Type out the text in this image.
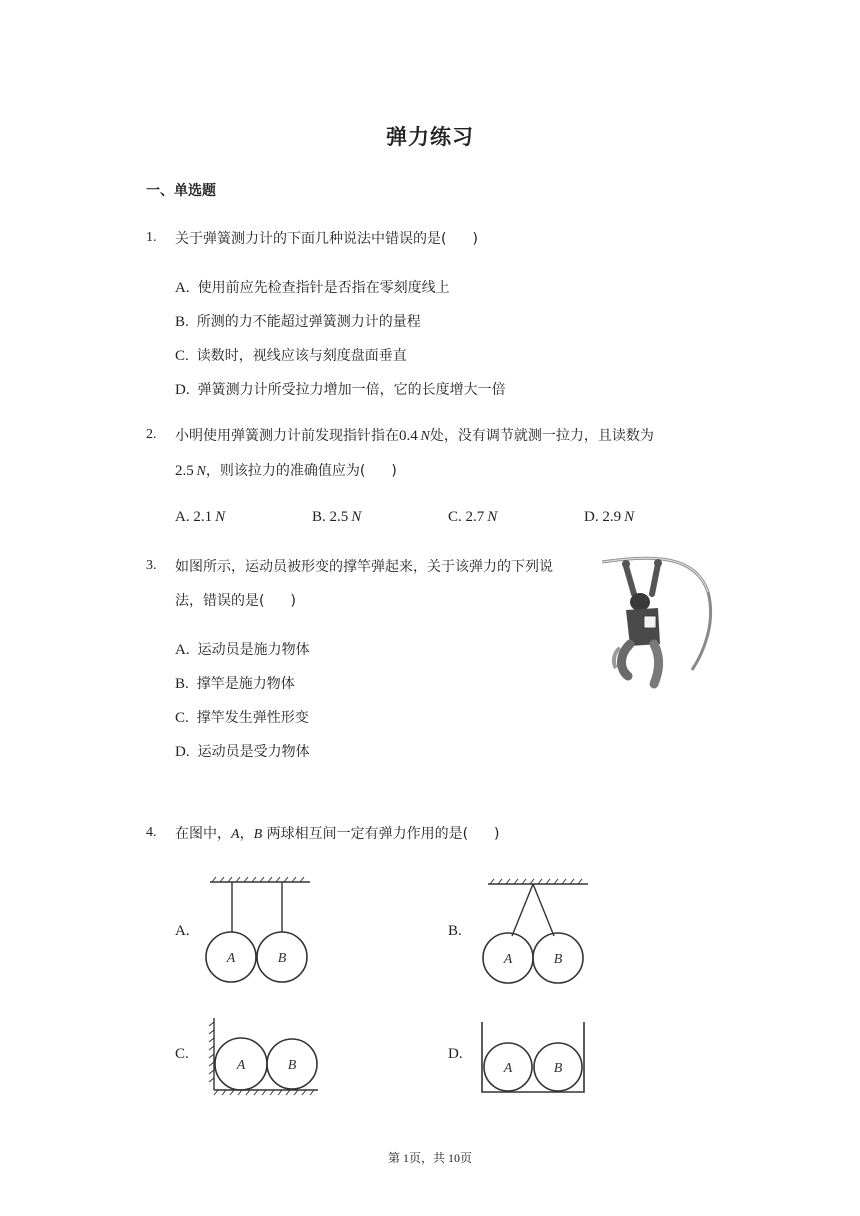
弹力练习
一、单选题
1. 关于弹簧测力计的下面几种说法中错误的是( )
A. 使用前应先检查指针是否指在零刻度线上
B. 所测的力不能超过弹簧测力计的量程
C. 读数时，视线应该与刻度盘面垂直
D. 弹簧测力计所受拉力增加一倍，它的长度增大一倍
2. 小明使用弹簧测力计前发现指针指在0.4  N处，没有调节就测一拉力，且读数为
2.5  N，则该拉力的准确值应为( )
A. 2.1  N	B. 2.5  N	C. 2.7  N	D. 2.9  N
3. 如图所示，运动员被形变的撑竿弹起来，关于该弹力的下列说
法，错误的是( )
A. 运动员是施力物体
B. 撑竿是施力物体
C. 撑竿发生弹性形变
D. 运动员是受力物体
4. 在图中，A，B 两球相互间一定有弹力作用的是( )
A.
A	B
B.
A	B
C.
A	B
D.
A	B
第 1页，共 10页
